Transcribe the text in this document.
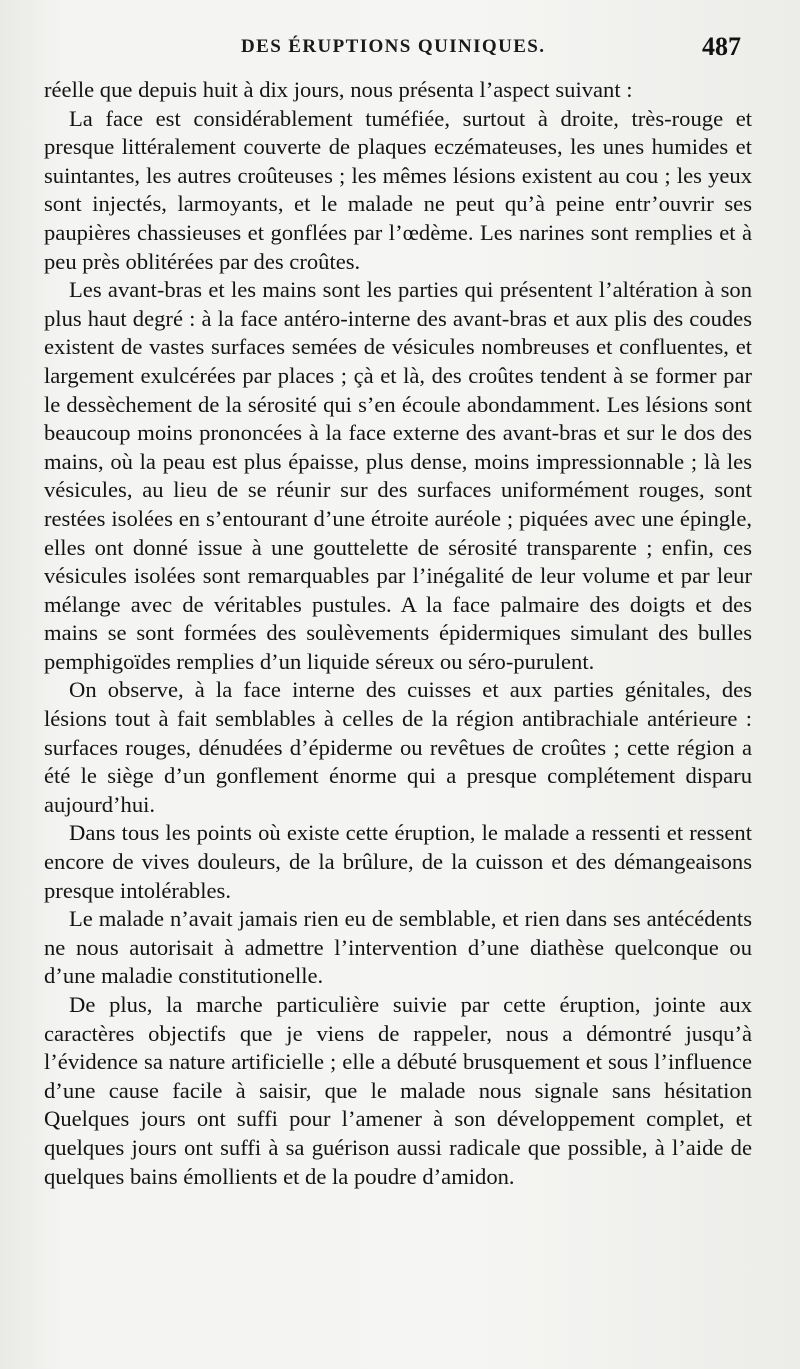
DES ÉRUPTIONS QUINIQUES.	487

réelle que depuis huit à dix jours, nous présenta l’aspect suivant :

La face est considérablement tuméfiée, surtout à droite, très-rouge et presque littéralement couverte de plaques eczémateuses, les unes humides et suintantes, les autres croûteuses ; les mêmes lésions existent au cou ; les yeux sont injectés, larmoyants, et le malade ne peut qu’à peine entr’ouvrir ses paupières chassieuses et gonflées par l’œdème. Les narines sont remplies et à peu près oblitérées par des croûtes.

Les avant-bras et les mains sont les parties qui présentent l’altération à son plus haut degré : à la face antéro-interne des avant-bras et aux plis des coudes existent de vastes surfaces semées de vésicules nombreuses et confluentes, et largement exulcérées par places ; çà et là, des croûtes tendent à se former par le dessèchement de la sérosité qui s’en écoule abondamment. Les lésions sont beaucoup moins prononcées à la face externe des avant-bras et sur le dos des mains, où la peau est plus épaisse, plus dense, moins impressionnable ; là les vésicules, au lieu de se réunir sur des surfaces uniformément rouges, sont restées isolées en s’entourant d’une étroite auréole ; piquées avec une épingle, elles ont donné issue à une gouttelette de sérosité transparente ; enfin, ces vésicules isolées sont remarquables par l’inégalité de leur volume et par leur mélange avec de véritables pustules. A la face palmaire des doigts et des mains se sont formées des soulèvements épidermiques simulant des bulles pemphigoïdes remplies d’un liquide séreux ou séro-purulent.

On observe, à la face interne des cuisses et aux parties génitales, des lésions tout à fait semblables à celles de la région antibrachiale antérieure : surfaces rouges, dénudées d’épiderme ou revêtues de croûtes ; cette région a été le siège d’un gonflement énorme qui a presque complétement disparu aujourd’hui.

Dans tous les points où existe cette éruption, le malade a ressenti et ressent encore de vives douleurs, de la brûlure, de la cuisson et des démangeaisons presque intolérables.

Le malade n’avait jamais rien eu de semblable, et rien dans ses antécédents ne nous autorisait à admettre l’intervention d’une diathèse quelconque ou d’une maladie constitutionelle.

De plus, la marche particulière suivie par cette éruption, jointe aux caractères objectifs que je viens de rappeler, nous a démontré jusqu’à l’évidence sa nature artificielle ; elle a débuté brusquement et sous l’influence d’une cause facile à saisir, que le malade nous signale sans hésitation Quelques jours ont suffi pour l’amener à son développement complet, et quelques jours ont suffi à sa guérison aussi radicale que possible, à l’aide de quelques bains émollients et de la poudre d’amidon.
